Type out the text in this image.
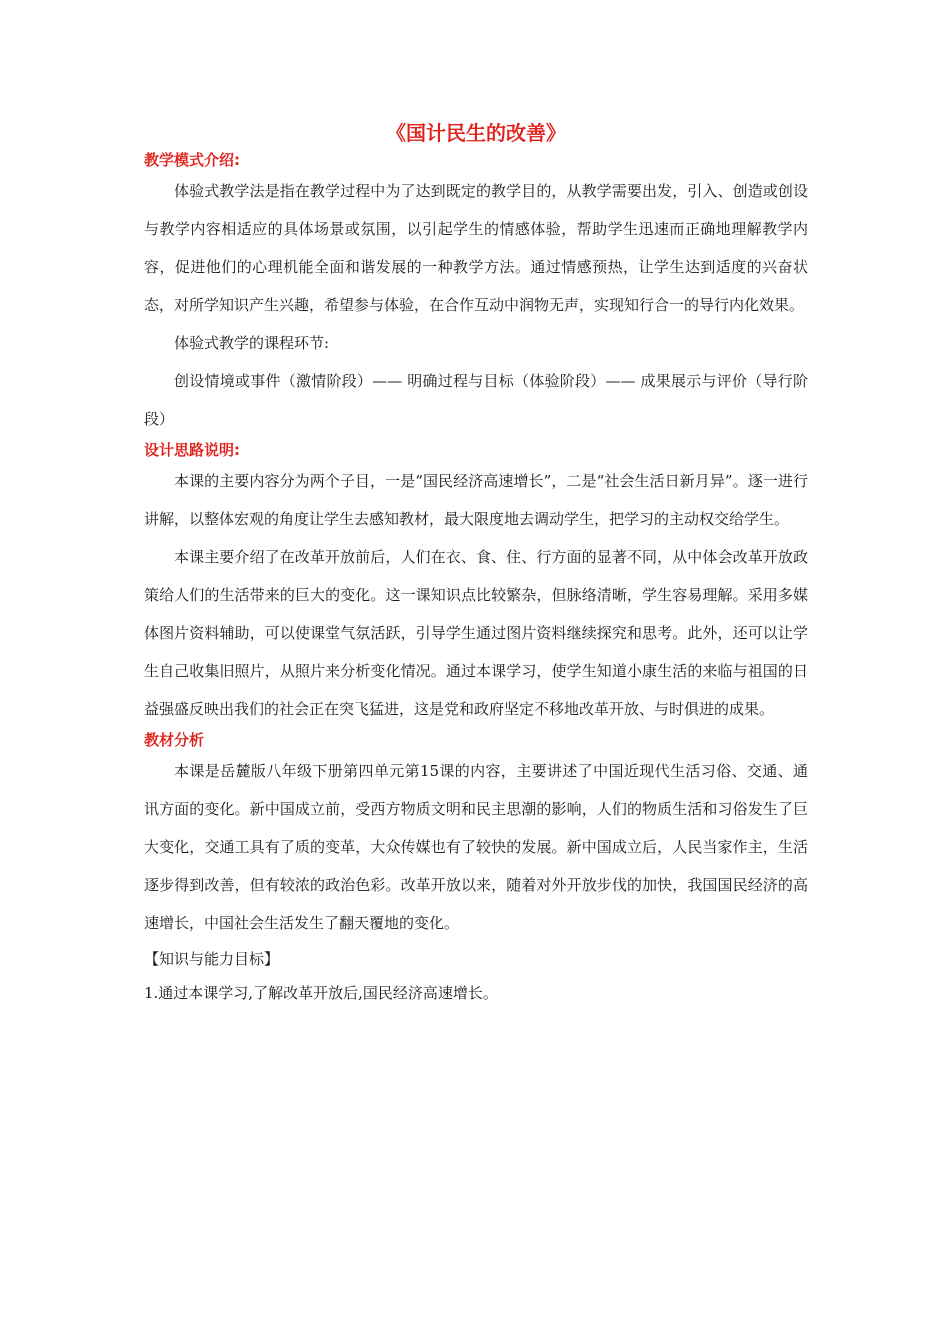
《国计民生的改善》

教学模式介绍:

体验式教学法是指在教学过程中为了达到既定的教学目的，从教学需要出发，引入、创造或创设与教学内容相适应的具体场景或氛围，以引起学生的情感体验，帮助学生迅速而正确地理解教学内容，促进他们的心理机能全面和谐发展的一种教学方法。通过情感预热，让学生达到适度的兴奋状态，对所学知识产生兴趣，希望参与体验，在合作互动中润物无声，实现知行合一的导行内化效果。

体验式教学的课程环节:

创设情境或事件（激情阶段）—— 明确过程与目标（体验阶段）—— 成果展示与评价（导行阶段）

设计思路说明:

本课的主要内容分为两个子目，一是“国民经济高速增长”，二是“社会生活日新月异”。逐一进行讲解，以整体宏观的角度让学生去感知教材，最大限度地去调动学生，把学习的主动权交给学生。

本课主要介绍了在改革开放前后，人们在衣、食、住、行方面的显著不同，从中体会改革开放政策给人们的生活带来的巨大的变化。这一课知识点比较繁杂，但脉络清晰，学生容易理解。采用多媒体图片资料辅助，可以使课堂气氛活跃，引导学生通过图片资料继续探究和思考。此外，还可以让学生自己收集旧照片，从照片来分析变化情况。通过本课学习，使学生知道小康生活的来临与祖国的日益强盛反映出我们的社会正在突飞猛进，这是党和政府坚定不移地改革开放、与时俱进的成果。

教材分析

本课是岳麓版八年级下册第四单元第15课的内容，主要讲述了中国近现代生活习俗、交通、通讯方面的变化。新中国成立前，受西方物质文明和民主思潮的影响，人们的物质生活和习俗发生了巨大变化，交通工具有了质的变革，大众传媒也有了较快的发展。新中国成立后，人民当家作主，生活逐步得到改善，但有较浓的政治色彩。改革开放以来，随着对外开放步伐的加快，我国国民经济的高速增长，中国社会生活发生了翻天覆地的变化。

【知识与能力目标】

1.通过本课学习,了解改革开放后,国民经济高速增长。
